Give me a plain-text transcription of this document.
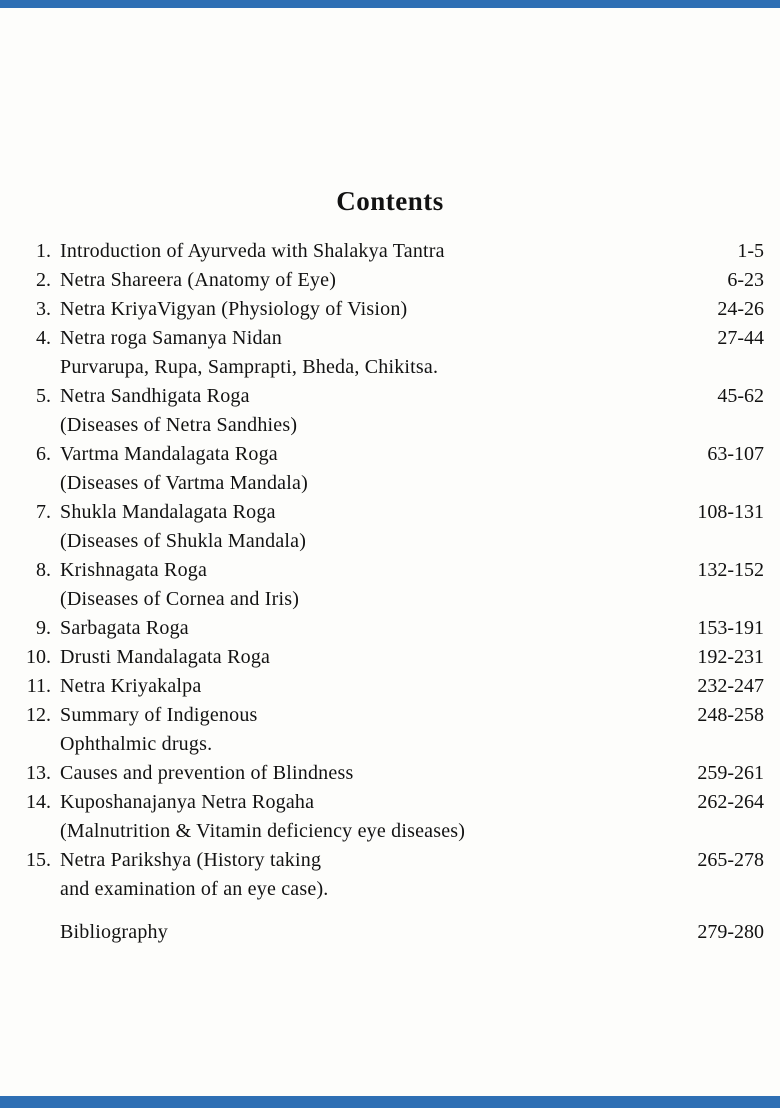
Contents
1. Introduction of Ayurveda with Shalakya Tantra	1-5
2. Netra Shareera (Anatomy of Eye)	6-23
3. Netra KriyaVigyan (Physiology of Vision)	24-26
4. Netra roga Samanya Nidan	27-44
Purvarupa, Rupa, Samprapti, Bheda, Chikitsa.
5. Netra Sandhigata Roga	45-62
(Diseases of Netra Sandhies)
6. Vartma Mandalagata Roga	63-107
(Diseases of Vartma Mandala)
7. Shukla Mandalagata Roga	108-131
(Diseases of Shukla Mandala)
8. Krishnagata Roga	132-152
(Diseases of Cornea and Iris)
9. Sarbagata Roga	153-191
10. Drusti Mandalagata Roga	192-231
11. Netra Kriyakalpa	232-247
12. Summary of Indigenous	248-258
Ophthalmic drugs.
13. Causes and prevention of Blindness	259-261
14. Kuposhanajanya Netra Rogaha	262-264
(Malnutrition & Vitamin deficiency eye diseases)
15. Netra Parikshya (History taking	265-278
and examination of an eye case).
Bibliography	279-280
